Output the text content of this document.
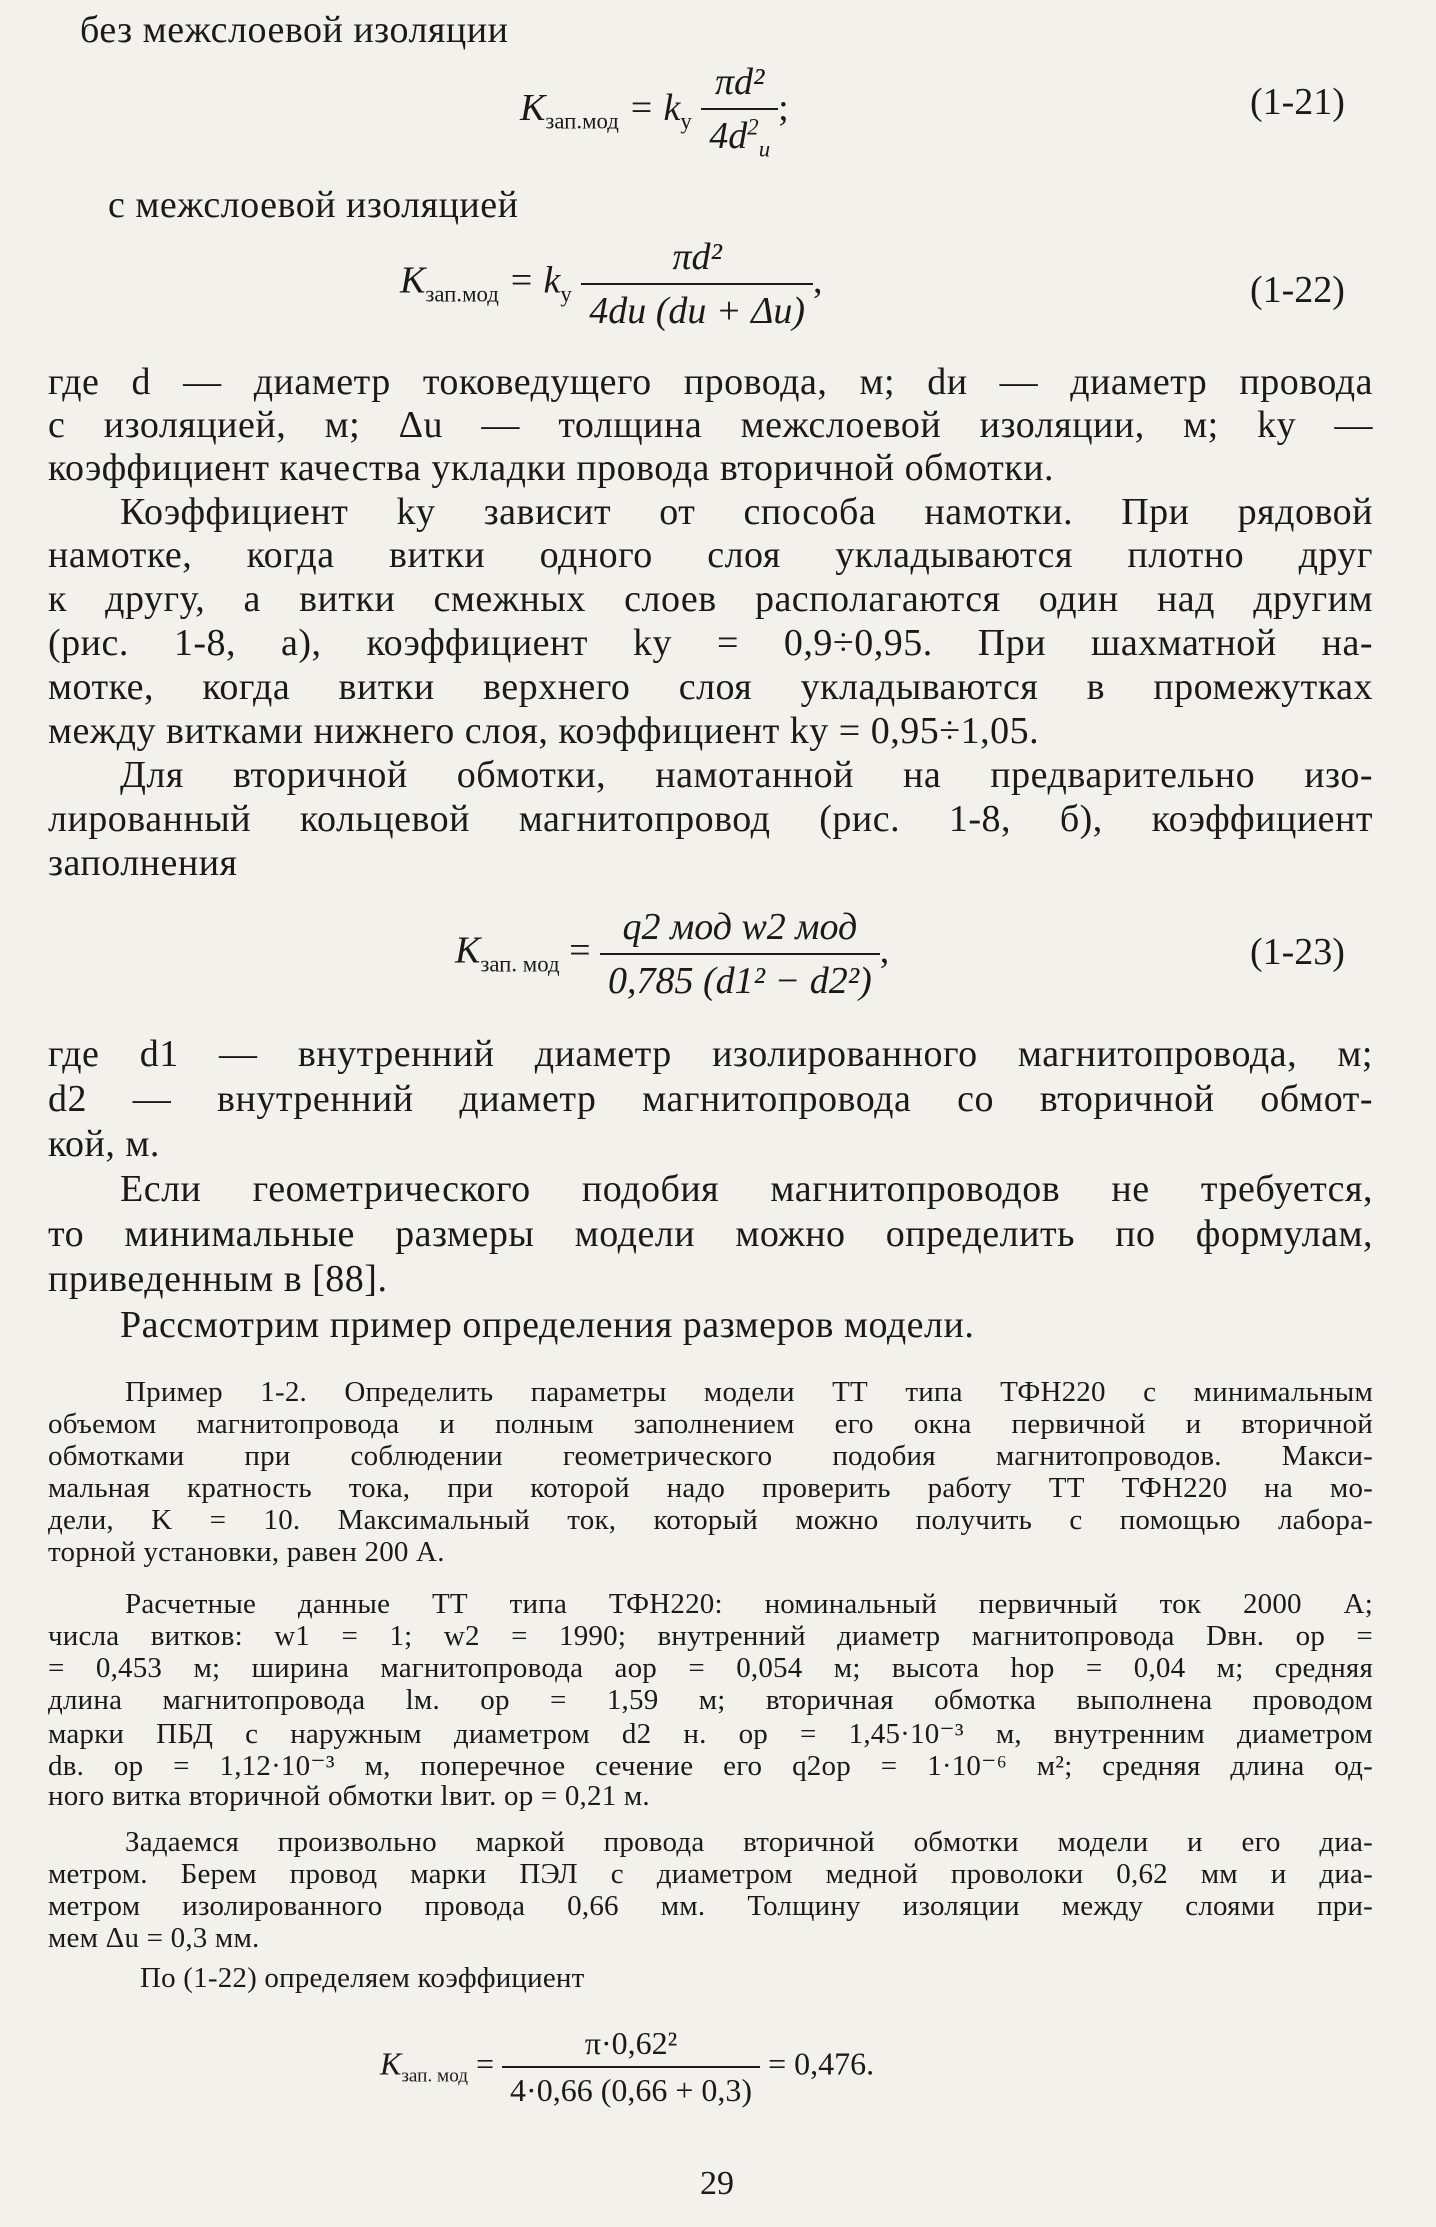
без межслоевой изоляции
$K_{зап.мод} = k_у \frac{\text{πd²}}{4d^2_и}$ ;	(1-21)
с межслоевой изоляцией
$K_{зап.мод} = k_у \frac{\text{πd²}}{4dи (dи + \Delta u)}$ ,	(1-22)
где d — диаметр токоведущего провода, м; dи — диаметр провода
с изоляцией, м; Δu — толщина межслоевой изоляции, м; kу —
коэффициент качества укладки провода вторичной обмотки.
Коэффициент kу зависит от способа намотки. При рядовой
намотке, когда витки одного слоя укладываются плотно друг
к другу, а витки смежных слоев располагаются один над другим
(рис. 1-8, а), коэффициент kу = 0,9÷0,95. При шахматной на-
мотке, когда витки верхнего слоя укладываются в промежутках
между витками нижнего слоя, коэффициент kу = 0,95÷1,05.
Для вторичной обмотки, намотанной на предварительно изо-
лированный кольцевой магнитопровод (рис. 1-8, б), коэффициент
заполнения
$K_{зап. мод} = \frac{\text{q2 мод w2 мод}}{\text{0,785 (d1² − d2²)}}$ ,	(1-23)
где d1 — внутренний диаметр изолированного магнитопровода, м;
d2 — внутренний диаметр магнитопровода со вторичной обмот-
кой, м.
Если геометрического подобия магнитопроводов не требуется,
то минимальные размеры модели можно определить по формулам,
приведенным в [88].
Рассмотрим пример определения размеров модели.
Пример 1-2. Определить параметры модели ТТ типа ТФН220 с минимальным
объемом магнитопровода и полным заполнением его окна первичной и вторичной
обмотками при соблюдении геометрического подобия магнитопроводов. Макси-
мальная кратность тока, при которой надо проверить работу ТТ ТФН220 на мо-
дели, K = 10. Максимальный ток, который можно получить с помощью лабора-
торной установки, равен 200 А.
Расчетные данные ТТ типа ТФН220: номинальный первичный ток 2000 А;
числа витков: w1 = 1; w2 = 1990; внутренний диаметр магнитопровода Dвн. ор =
= 0,453 м; ширина магнитопровода aор = 0,054 м; высота hор = 0,04 м; средняя
длина магнитопровода lм. ор = 1,59 м; вторичная обмотка выполнена проводом
марки ПБД с наружным диаметром d2 н. ор = 1,45·10⁻³ м, внутренним диаметром
dв. ор = 1,12·10⁻³ м, поперечное сечение его q2ор = 1·10⁻⁶ м²; средняя длина од-
ного витка вторичной обмотки lвит. ор = 0,21 м.
Задаемся произвольно маркой провода вторичной обмотки модели и его диа-
метром. Берем провод марки ПЭЛ с диаметром медной проволоки 0,62 мм и диа-
метром изолированного провода 0,66 мм. Толщину изоляции между слоями при-
мем Δu = 0,3 мм.
По (1-22) определяем коэффициент
$K_{зап. мод} = \frac{\text{π·0,62²}}{4\cdot 0,66 (0,66 + 0,3)} = 0,476$.
29
